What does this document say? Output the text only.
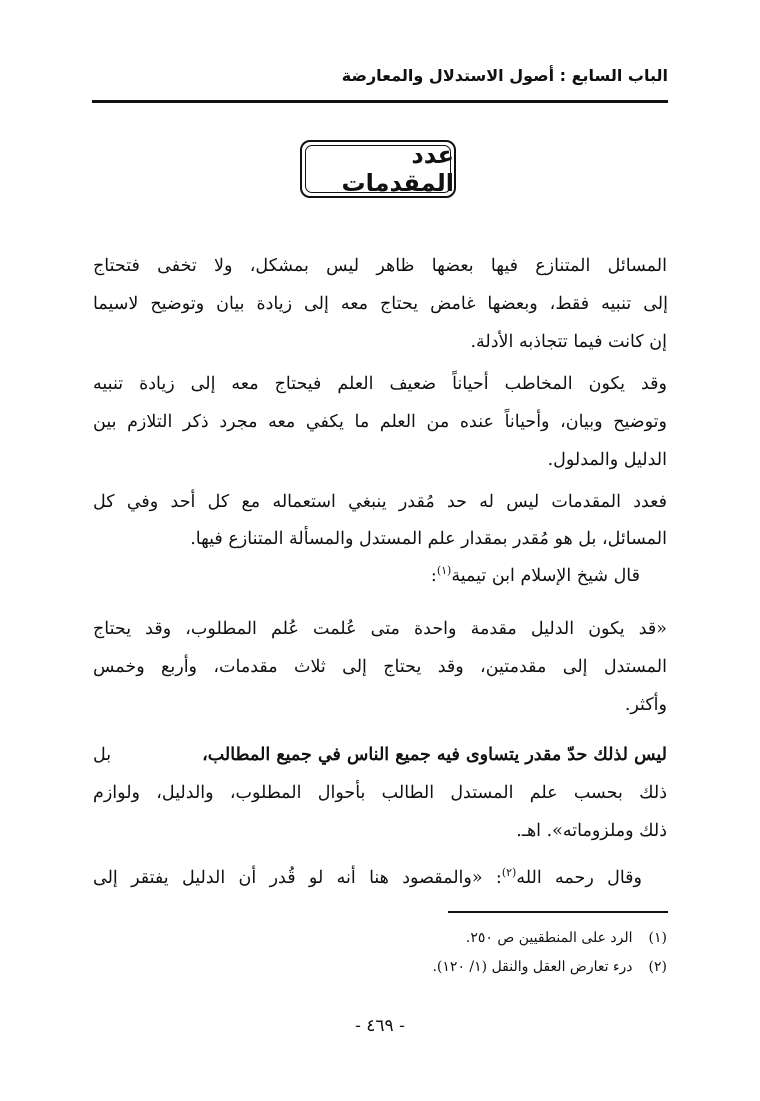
الباب السابع : أصول الاستدلال والمعارضة
عدد المقدمات
المسائل المتنازع فيها بعضها ظاهر ليس بمشكل، ولا تخفى فتحتاج
إلى تنبيه فقط، وبعضها غامض يحتاج معه إلى زيادة بيان وتوضيح لاسيما
إن كانت فيما تتجاذبه الأدلة.
وقد يكون المخاطب أحياناً ضعيف العلم فيحتاج معه إلى زيادة تنبيه
وتوضيح وبيان، وأحياناً عنده من العلم ما يكفي معه مجرد ذكر التلازم بين
الدليل والمدلول.
فعدد المقدمات ليس له حد مُقدر ينبغي استعماله مع كل أحد وفي كل
المسائل، بل هو مُقدر بمقدار علم المستدل والمسألة المتنازع فيها.
قال شيخ الإسلام ابن تيمية$^{(١)}$:
«قد يكون الدليل مقدمة واحدة متى عُلمت عُلم المطلوب، وقد يحتاج
المستدل إلى مقدمتين، وقد يحتاج إلى ثلاث مقدمات، وأربع وخمس
وأكثر.
ليس لذلك حدّ مقدر يتساوى فيه جميع الناس في جميع المطالب،
بل
ذلك بحسب علم المستدل الطالب بأحوال المطلوب، والدليل، ولوازم
ذلك وملزوماته». اهـ.
وقال رحمه الله$^{(٢)}$: «والمقصود هنا أنه لو قُدر أن الدليل يفتقر إلى
(١) الرد على المنطقيين ص ٢٥٠.
(٢) درء تعارض العقل والنقل (١/ ١٢٠).
- ٤٦٩ -
